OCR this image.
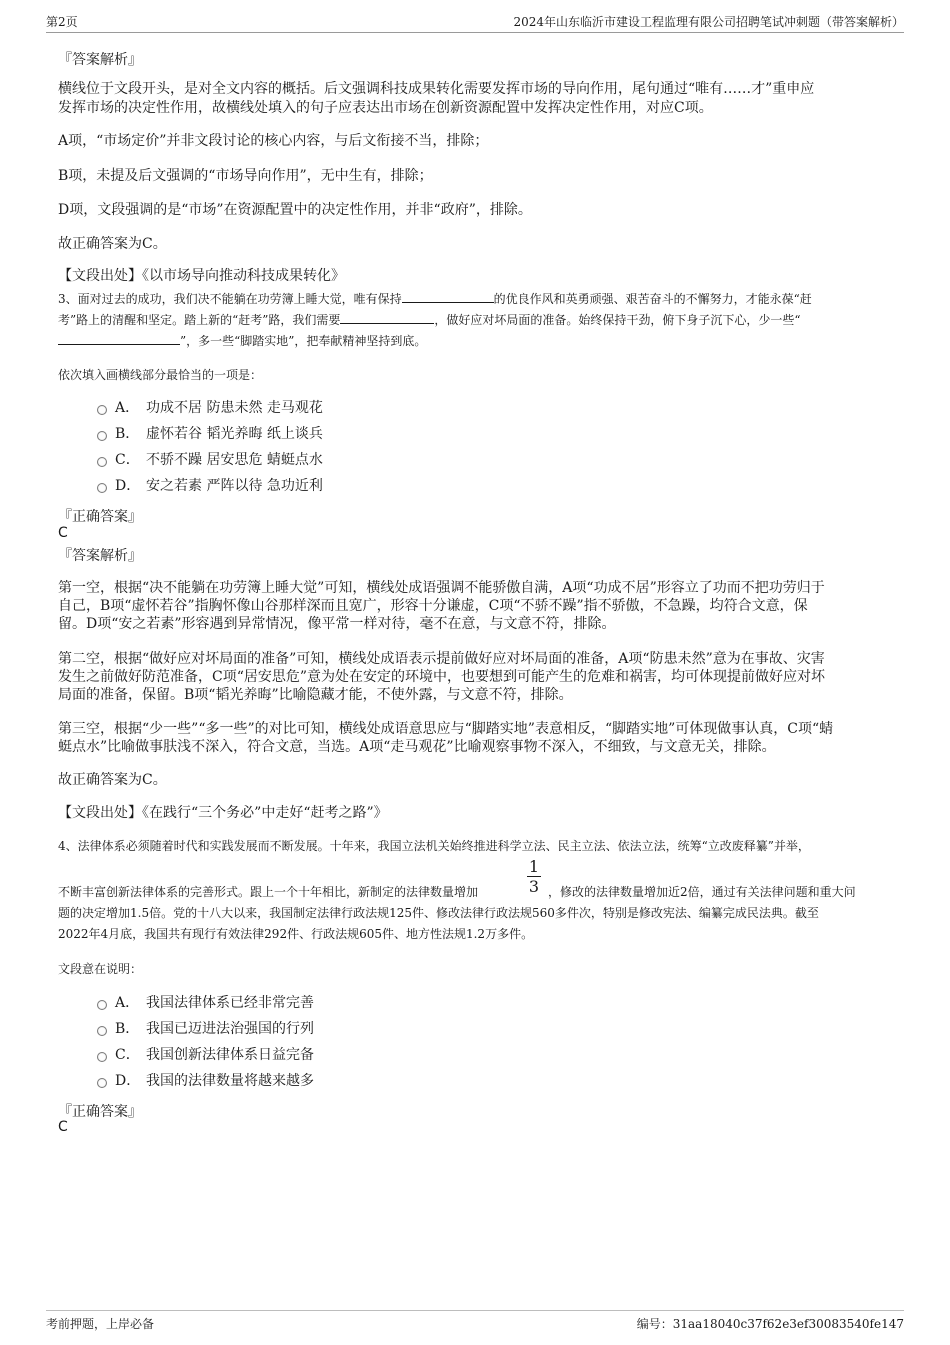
第2页	2024年山东临沂市建设工程监理有限公司招聘笔试冲刺题（带答案解析）
『答案解析』
横线位于文段开头，是对全文内容的概括。后文强调科技成果转化需要发挥市场的导向作用，尾句通过“唯有……才”重申应
发挥市场的决定性作用，故横线处填入的句子应表达出市场在创新资源配置中发挥决定性作用，对应C项。
A项，“市场定价”并非文段讨论的核心内容，与后文衔接不当，排除；
B项，未提及后文强调的“市场导向作用”，无中生有，排除；
D项，文段强调的是“市场”在资源配置中的决定性作用，并非“政府”，排除。
故正确答案为C。
【文段出处】《以市场导向推动科技成果转化》
3、面对过去的成功，我们决不能躺在功劳簿上睡大觉，唯有保持	的优良作风和英勇顽强、艰苦奋斗的不懈努力，才能永葆“赶
考”路上的清醒和坚定。踏上新的“赶考”路，我们需要	，做好应对坏局面的准备。始终保持干劲，俯下身子沉下心，少一些“
”，多一些“脚踏实地”，把奉献精神坚持到底。
依次填入画横线部分最恰当的一项是：
A． 功成不居 防患未然 走马观花
B． 虚怀若谷 韬光养晦 纸上谈兵
C． 不骄不躁 居安思危 蜻蜓点水
D． 安之若素 严阵以待 急功近利
『正确答案』
C
『答案解析』
第一空，根据“决不能躺在功劳簿上睡大觉”可知，横线处成语强调不能骄傲自满，A项“功成不居”形容立了功而不把功劳归于
自己，B项“虚怀若谷”指胸怀像山谷那样深而且宽广，形容十分谦虚，C项“不骄不躁”指不骄傲，不急躁，均符合文意，保
留。D项“安之若素”形容遇到异常情况，像平常一样对待，毫不在意，与文意不符，排除。
第二空，根据“做好应对坏局面的准备”可知，横线处成语表示提前做好应对坏局面的准备，A项“防患未然”意为在事故、灾害
发生之前做好防范准备，C项“居安思危”意为处在安定的环境中，也要想到可能产生的危难和祸害，均可体现提前做好应对坏
局面的准备，保留。B项“韬光养晦”比喻隐藏才能，不使外露，与文意不符，排除。
第三空，根据“少一些”“多一些”的对比可知，横线处成语意思应与“脚踏实地”表意相反，“脚踏实地”可体现做事认真，C项“蜻
蜓点水”比喻做事肤浅不深入，符合文意，当选。A项“走马观花”比喻观察事物不深入，不细致，与文意无关，排除。
故正确答案为C。
【文段出处】《在践行“三个务必”中走好“赶考之路”》
4、法律体系必须随着时代和实践发展而不断发展。十年来，我国立法机关始终推进科学立法、民主立法、依法立法，统筹“立改废释纂”并举，
1
3
不断丰富创新法律体系的完善形式。跟上一个十年相比，新制定的法律数量增加	，修改的法律数量增加近2倍，通过有关法律问题和重大问
题的决定增加1.5倍。党的十八大以来，我国制定法律行政法规125件、修改法律行政法规560多件次，特别是修改宪法、编纂完成民法典。截至
2022年4月底，我国共有现行有效法律292件、行政法规605件、地方性法规1.2万多件。
文段意在说明：
A． 我国法律体系已经非常完善
B． 我国已迈进法治强国的行列
C． 我国创新法律体系日益完备
D． 我国的法律数量将越来越多
『正确答案』
C
考前押题，上岸必备	编号：31aa18040c37f62e3ef30083540fe147
